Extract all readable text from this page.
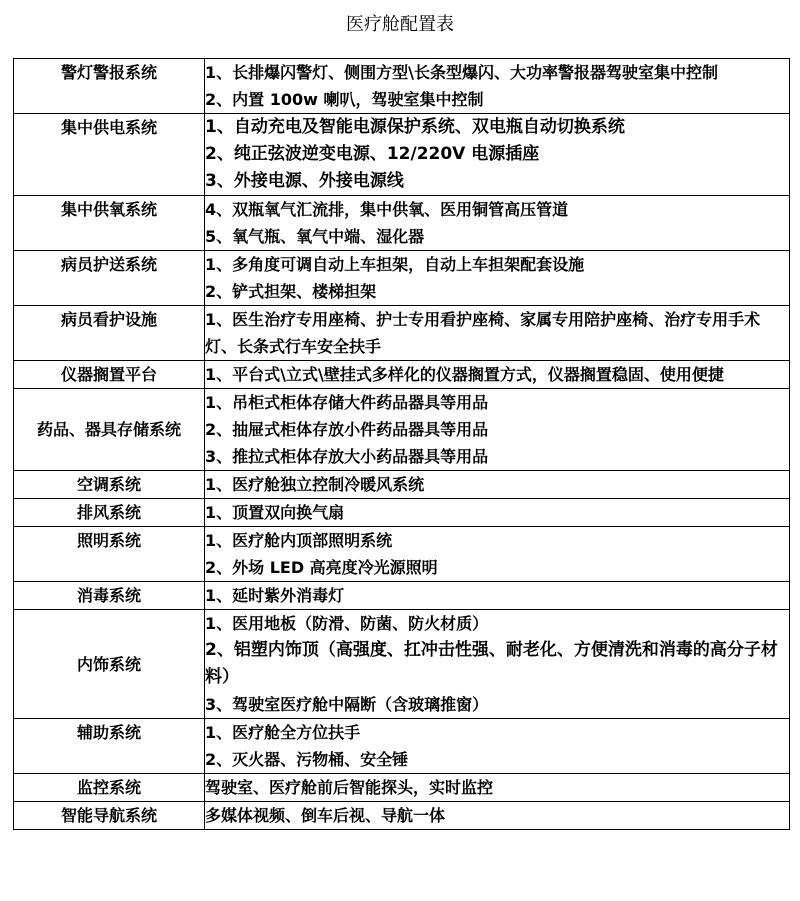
医疗舱配置表
警灯警报系统	1、长排爆闪警灯、侧围方型\长条型爆闪、大功率警报器驾驶室集中控制
2、内置 100w 喇叭，驾驶室集中控制

集中供电系统	1、自动充电及智能电源保护系统、双电瓶自动切换系统
2、纯正弦波逆变电源、12/220V 电源插座
3、外接电源、外接电源线

集中供氧系统	4、双瓶氧气汇流排，集中供氧、医用铜管高压管道
5、氧气瓶、氧气中端、湿化器

病员护送系统	1、多角度可调自动上车担架，自动上车担架配套设施
2、铲式担架、楼梯担架

病员看护设施	1、医生治疗专用座椅、护士专用看护座椅、家属专用陪护座椅、治疗专用手术灯、长条式行车安全扶手

仪器搁置平台	1、平台式\立式\壁挂式多样化的仪器搁置方式，仪器搁置稳固、使用便捷

药品、器具存储系统	1、吊柜式柜体存储大件药品器具等用品
2、抽屉式柜体存放小件药品器具等用品
3、推拉式柜体存放大小药品器具等用品

空调系统	1、医疗舱独立控制冷暖风系统

排风系统	1、顶置双向换气扇

照明系统	1、医疗舱内顶部照明系统
2、外场 LED 高亮度冷光源照明

消毒系统	1、延时紫外消毒灯

内饰系统	1、医用地板（防滑、防菌、防火材质）
2、铝塑内饰顶（高强度、扛冲击性强、耐老化、方便清洗和消毒的高分子材料）
3、驾驶室医疗舱中隔断（含玻璃推窗）

辅助系统	1、医疗舱全方位扶手
2、灭火器、污物桶、安全锤

监控系统	驾驶室、医疗舱前后智能探头，实时监控

智能导航系统	多媒体视频、倒车后视、导航一体
